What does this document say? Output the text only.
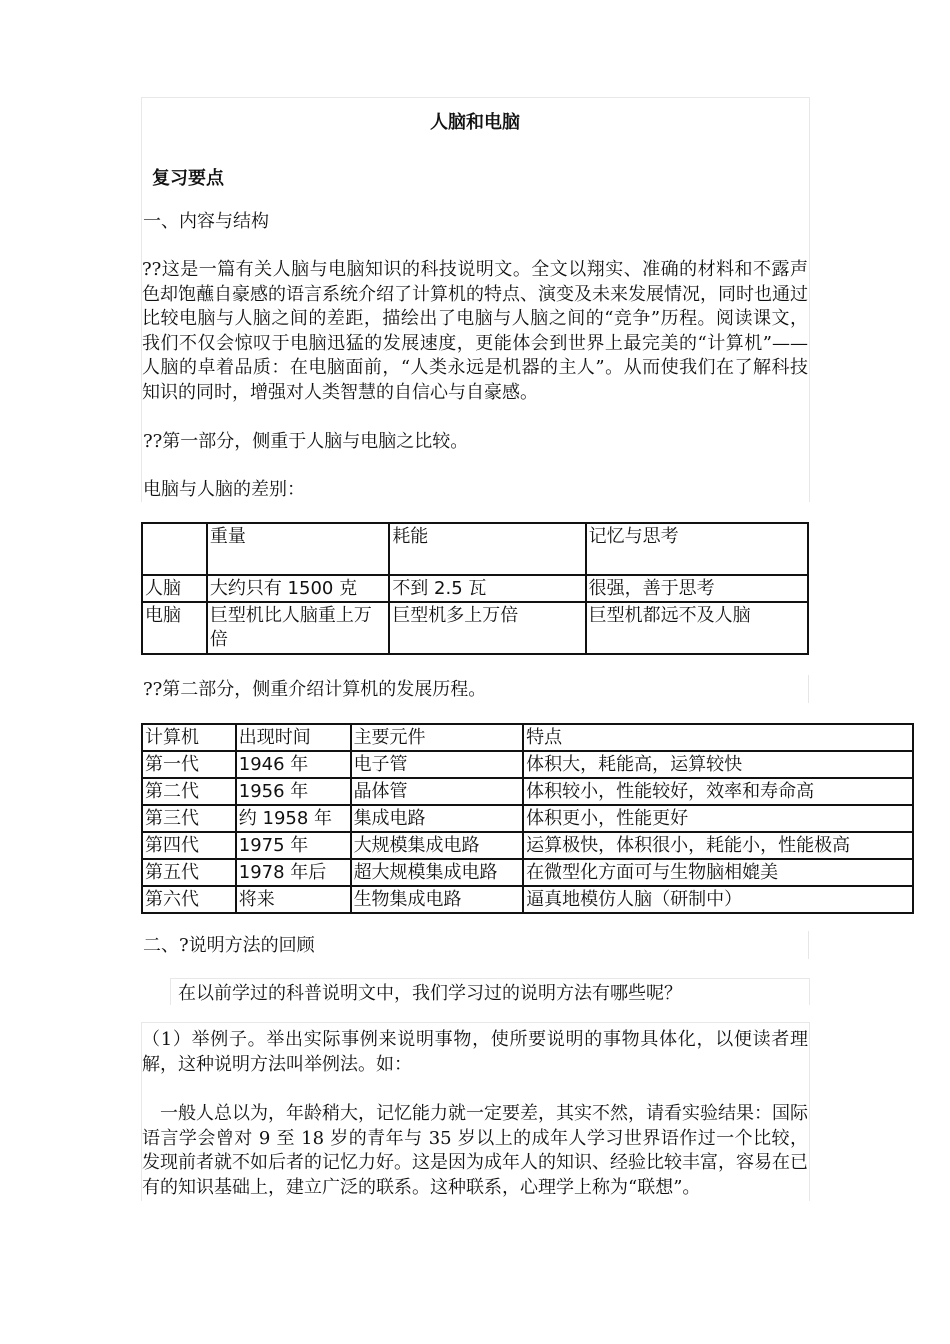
人脑和电脑
复习要点
一、内容与结构
??这是一篇有关人脑与电脑知识的科技说明文。全文以翔实、准确的材料和不露声色却饱蘸自豪感的语言系统介绍了计算机的特点、演变及未来发展情况，同时也通过比较电脑与人脑之间的差距，描绘出了电脑与人脑之间的“竞争”历程。阅读课文，我们不仅会惊叹于电脑迅猛的发展速度，更能体会到世界上最完美的“计算机”——人脑的卓着品质：在电脑面前，“人类永远是机器的主人”。从而使我们在了解科技知识的同时，增强对人类智慧的自信心与自豪感。
??第一部分，侧重于人脑与电脑之比较。
电脑与人脑的差别：
	重量	耗能	记忆与思考
人脑	大约只有 1500 克	不到 2.5 瓦	很强，善于思考
电脑	巨型机比人脑重上万倍	巨型机多上万倍	巨型机都远不及人脑
??第二部分，侧重介绍计算机的发展历程。
计算机	出现时间	主要元件	特点
第一代	1946 年	电子管	体积大，耗能高，运算较快
第二代	1956 年	晶体管	体积较小，性能较好，效率和寿命高
第三代	约 1958 年	集成电路	体积更小，性能更好
第四代	1975 年	大规模集成电路	运算极快，体积很小，耗能小，性能极高
第五代	1978 年后	超大规模集成电路	在微型化方面可与生物脑相媲美
第六代	将来	生物集成电路	逼真地模仿人脑（研制中）
二、?说明方法的回顾
在以前学过的科普说明文中，我们学习过的说明方法有哪些呢？
（1）举例子。举出实际事例来说明事物，使所要说明的事物具体化，以便读者理解，这种说明方法叫举例法。如：
一般人总以为，年龄稍大，记忆能力就一定要差，其实不然，请看实验结果：国际语言学会曾对 9 至 18 岁的青年与 35 岁以上的成年人学习世界语作过一个比较，发现前者就不如后者的记忆力好。这是因为成年人的知识、经验比较丰富，容易在已有的知识基础上，建立广泛的联系。这种联系，心理学上称为“联想”。
